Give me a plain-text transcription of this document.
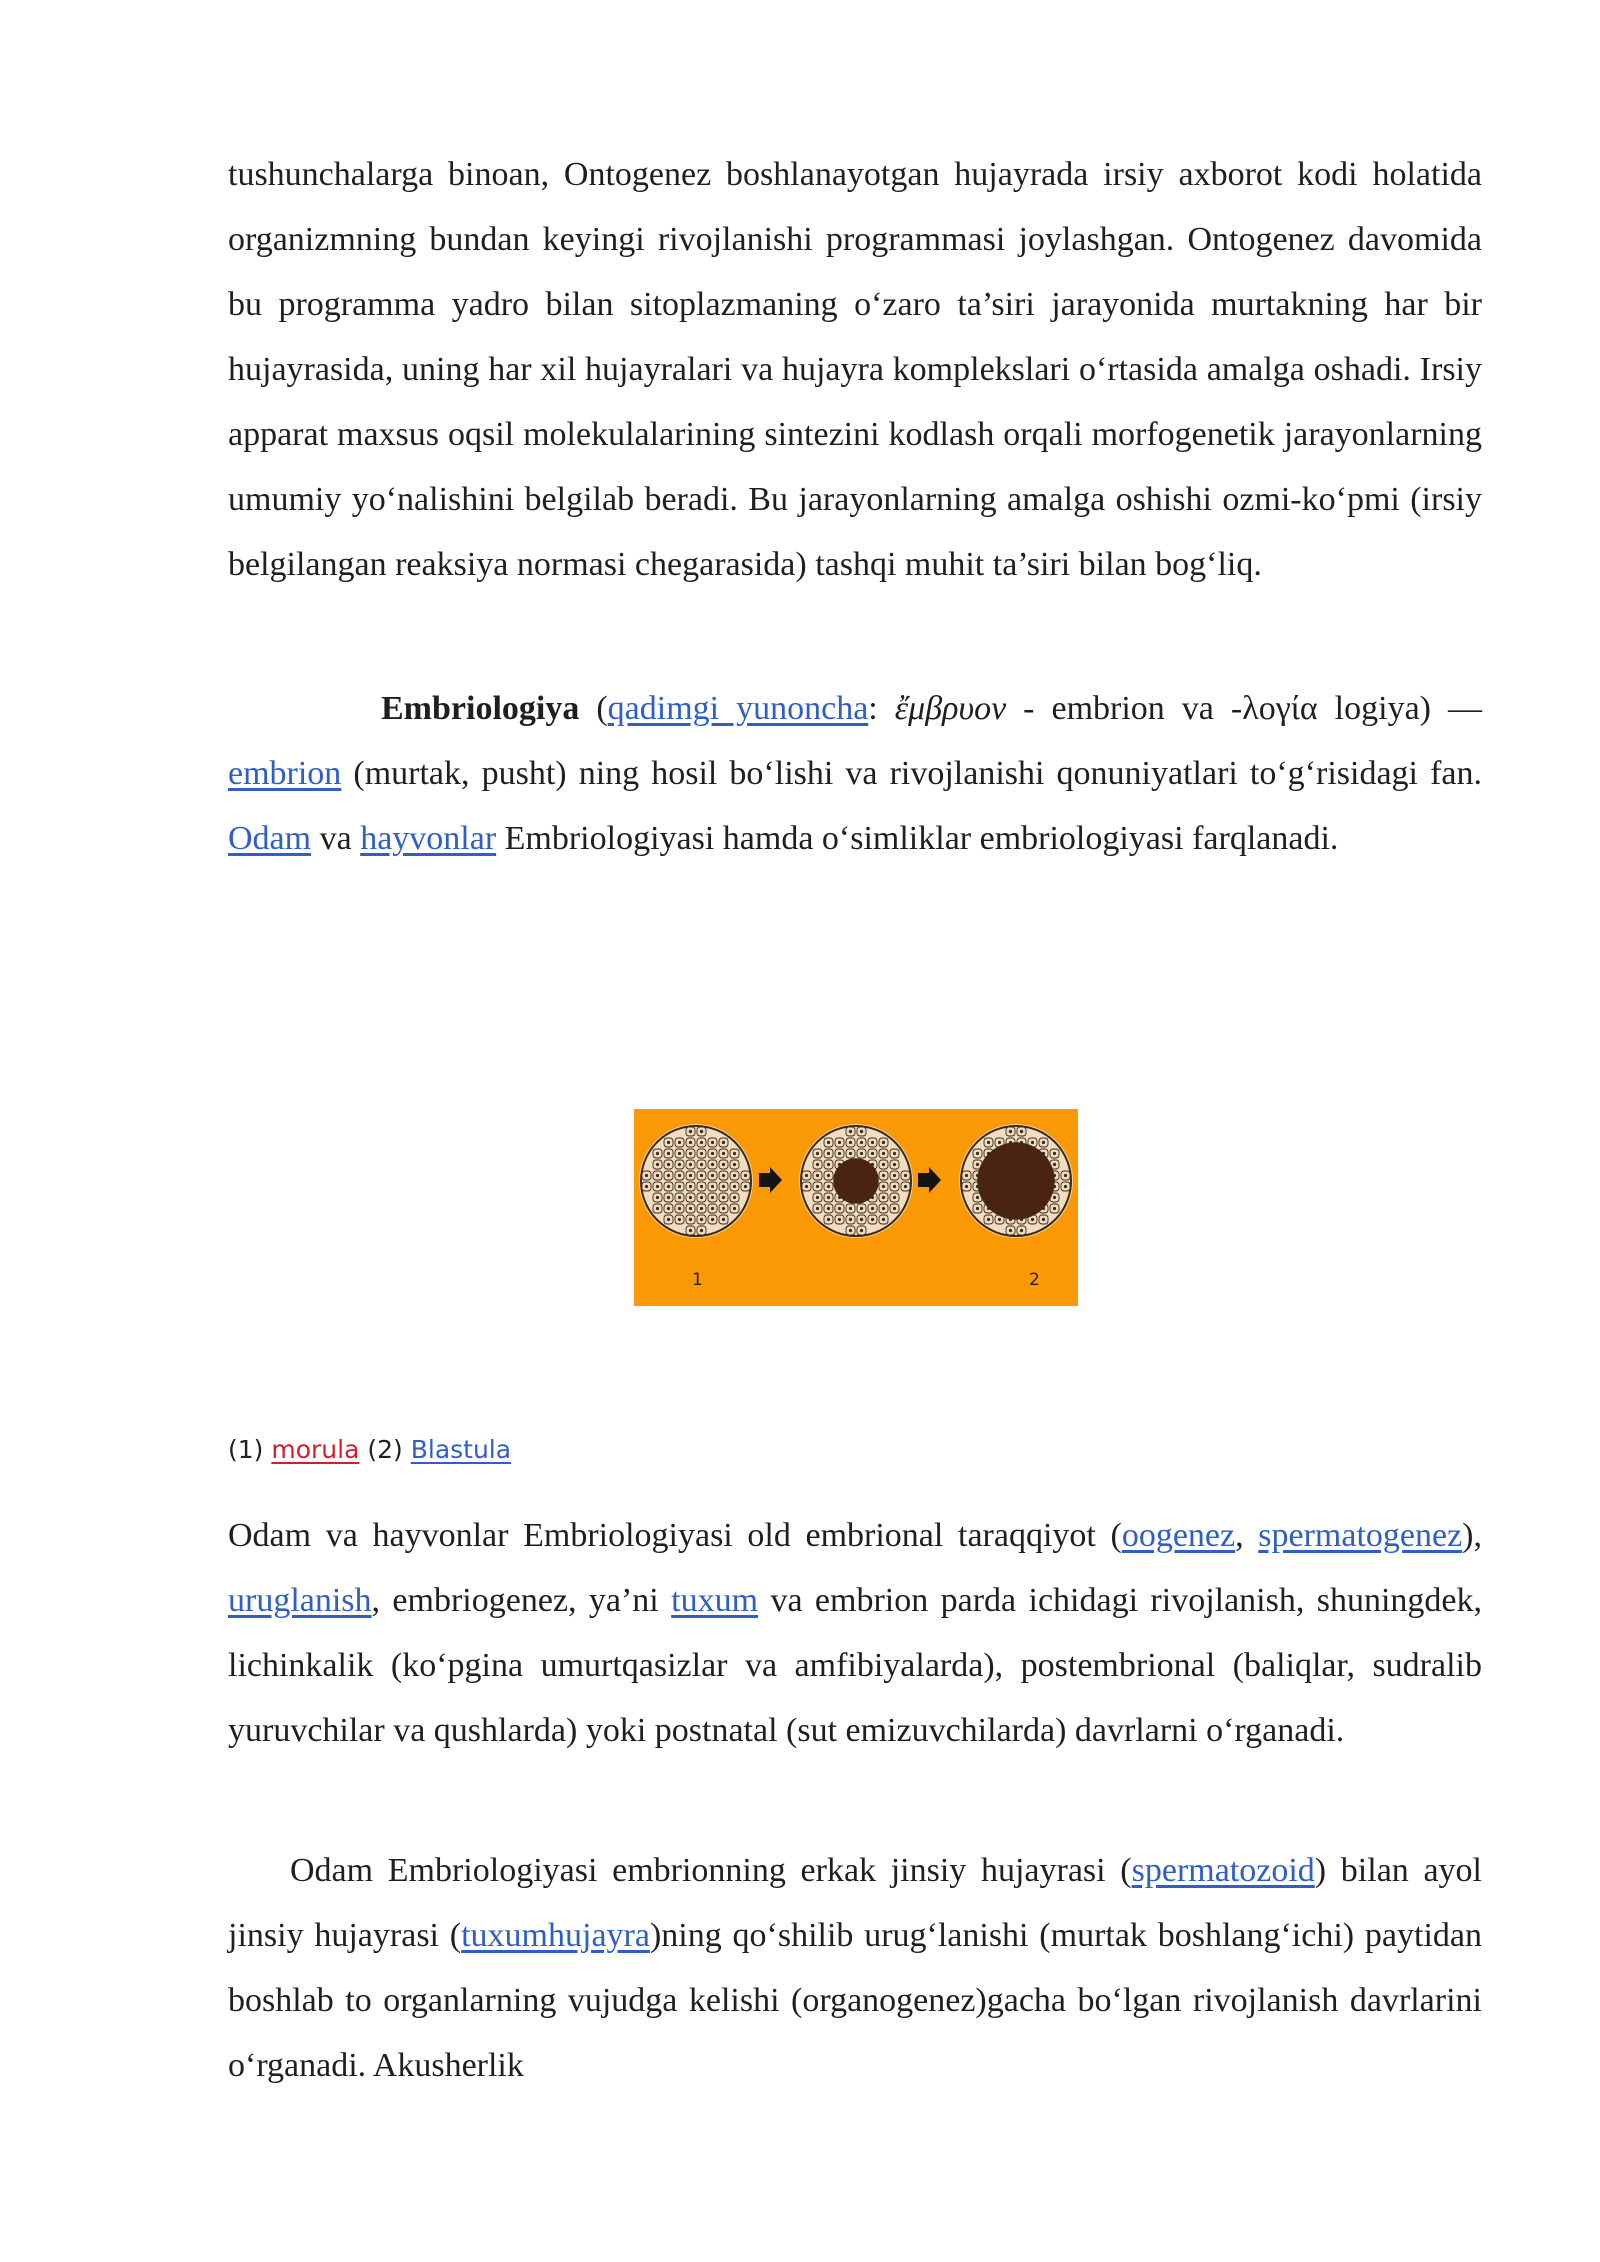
tushunchalarga binoan, Ontogenez boshlanayotgan hujayrada irsiy axborot kodi holatida organizmning bundan keyingi rivojlanishi programmasi joylashgan. Ontogenez davomida bu programma yadro bilan sitoplazmaning o‘zaro ta’siri jarayonida murtakning har bir hujayrasida, uning har xil hujayralari va hujayra komplekslari o‘rtasida amalga oshadi. Irsiy apparat maxsus oqsil molekulalarining sintezini kodlash orqali morfogenetik jarayonlarning umumiy yo‘nalishini belgilab beradi. Bu jarayonlarning amalga oshishi ozmi-ko‘pmi (irsiy belgilangan reaksiya normasi chegarasida) tashqi muhit ta’siri bilan bog‘liq.

Embriologiya (qadimgi yunoncha: ἔμβρυον - embrion va -λογία logiya) — embrion (murtak, pusht) ning hosil bo‘lishi va rivojlanishi qonuniyatlari to‘g‘risidagi fan. Odam va hayvonlar Embriologiyasi hamda o‘simliklar embriologiyasi farqlanadi.

1	2
(1) morula (2) Blastula

Odam va hayvonlar Embriologiyasi old embrional taraqqiyot (oogenez, spermatogenez), uruglanish, embriogenez, ya’ni tuxum va embrion parda ichidagi rivojlanish, shuningdek, lichinkalik (ko‘pgina umurtqasizlar va amfibiyalarda), postembrional (baliqlar, sudralib yuruvchilar va qushlarda) yoki postnatal (sut emizuvchilarda) davrlarni o‘rganadi.

Odam Embriologiyasi embrionning erkak jinsiy hujayrasi (spermatozoid) bilan ayol jinsiy hujayrasi (tuxumhujayra)ning qo‘shilib urug‘lanishi (murtak boshlang‘ichi) paytidan boshlab to organlarning vujudga kelishi (organogenez)gacha bo‘lgan rivojlanish davrlarini o‘rganadi. Akusherlik
